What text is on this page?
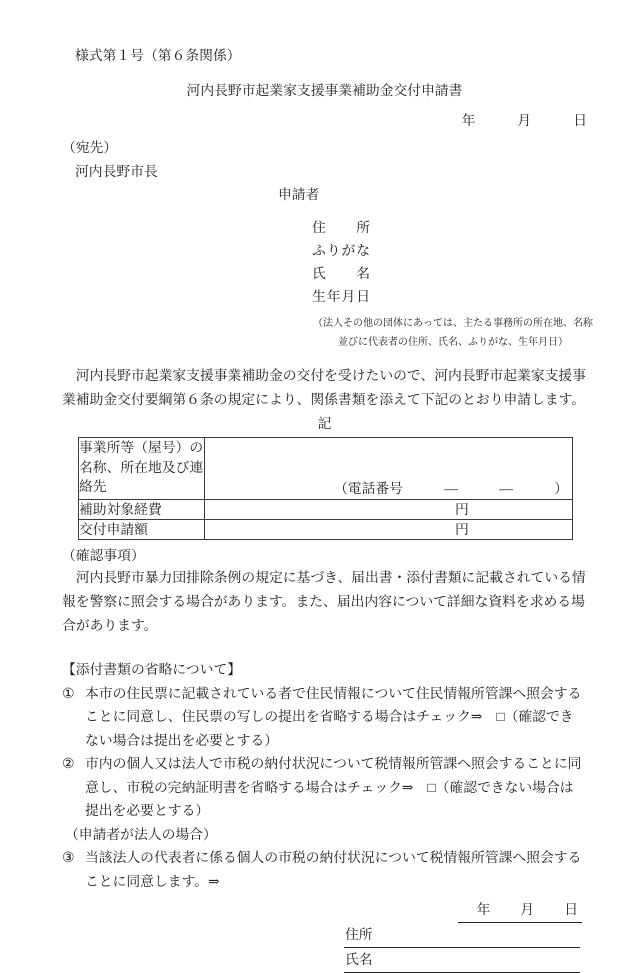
様式第１号（第６条関係）
河内長野市起業家支援事業補助金交付申請書
年	月	日
（宛先）
河内長野市長
申請者
住 所
ふ り が な
氏 名
生 年 月 日
（法人その他の団体にあっては、主たる事務所の所在地、名称
並びに代表者の住所、氏名、ふりがな、生年月日）
　河内長野市起業家支援事業補助金の交付を受けたいので、河内長野市起業家支援事
業補助金交付要綱第６条の規定により、関係書類を添えて下記のとおり申請します。
記
事業所等（屋号）の
名称、所在地及び連
絡先	（電話番号	—	—	）

補助対象経費	円
交付申請額	円
（確認事項）
　河内長野市暴力団排除条例の規定に基づき、届出書・添付書類に記載されている情
報を警察に照会する場合があります。また、届出内容について詳細な資料を求める場
合があります。
【添付書類の省略について】
① 本市の住民票に記載されている者で住民情報について住民情報所管課へ照会する
ことに同意し、住民票の写しの提出を省略する場合はチェック⇒　□（確認でき
ない場合は提出を必要とする）
② 市内の個人又は法人で市税の納付状況について税情報所管課へ照会することに同
意し、市税の完納証明書を省略する場合はチェック⇒　□（確認できない場合は
提出を必要とする）
（申請者が法人の場合）
③ 当該法人の代表者に係る個人の市税の納付状況について税情報所管課へ照会する
ことに同意します。⇒
年 月 日
住所
氏名
